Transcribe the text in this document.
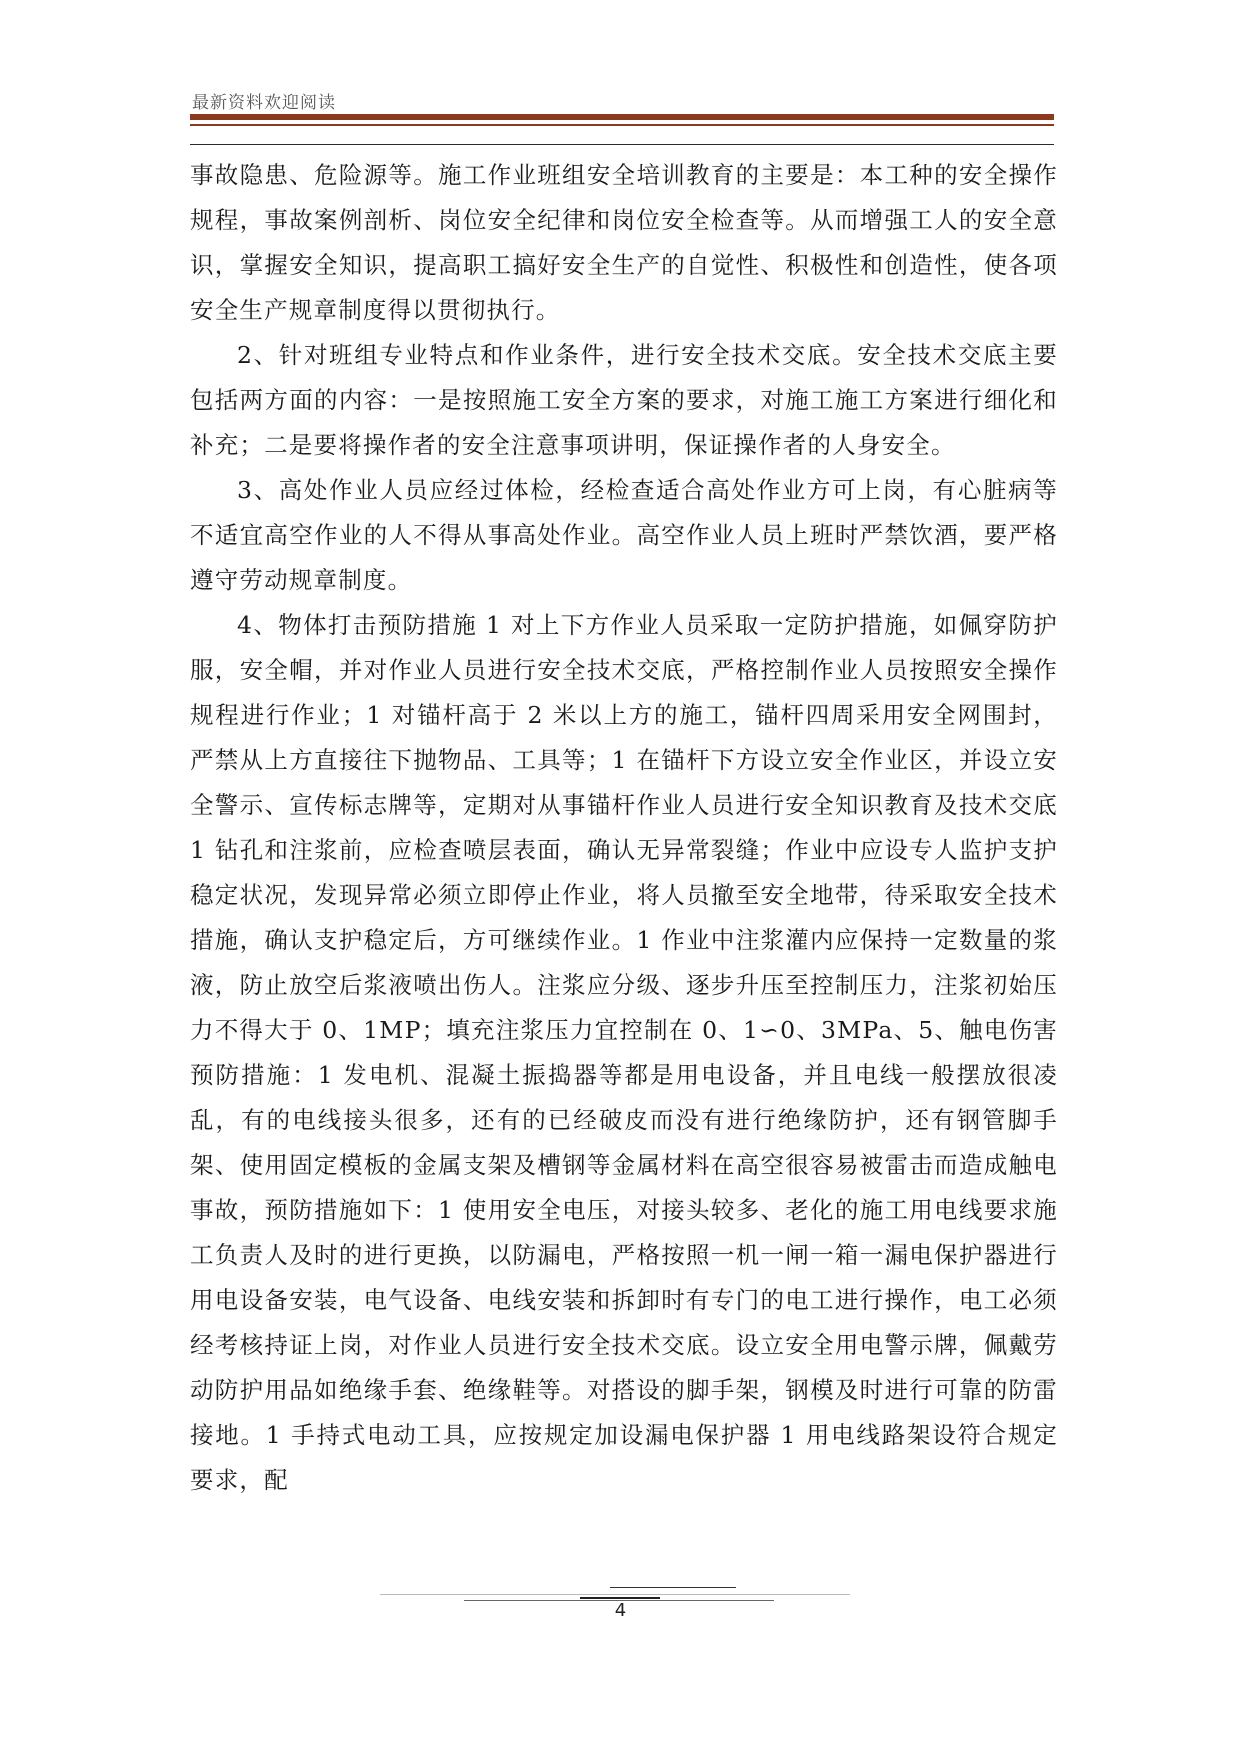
最新资料欢迎阅读

事故隐患、危险源等。施工作业班组安全培训教育的主要是：本工种的安全操作规程，事故案例剖析、岗位安全纪律和岗位安全检查等。从而增强工人的安全意识，掌握安全知识，提高职工搞好安全生产的自觉性、积极性和创造性，使各项安全生产规章制度得以贯彻执行。

2、针对班组专业特点和作业条件，进行安全技术交底。安全技术交底主要包括两方面的内容：一是按照施工安全方案的要求，对施工施工方案进行细化和补充；二是要将操作者的安全注意事项讲明，保证操作者的人身安全。

3、高处作业人员应经过体检，经检查适合高处作业方可上岗，有心脏病等不适宜高空作业的人不得从事高处作业。高空作业人员上班时严禁饮酒，要严格遵守劳动规章制度。

4、物体打击预防措施 1 对上下方作业人员采取一定防护措施，如佩穿防护服，安全帽，并对作业人员进行安全技术交底，严格控制作业人员按照安全操作规程进行作业；1 对锚杆高于 2 米以上方的施工，锚杆四周采用安全网围封，严禁从上方直接往下抛物品、工具等；1 在锚杆下方设立安全作业区，并设立安全警示、宣传标志牌等，定期对从事锚杆作业人员进行安全知识教育及技术交底 1 钻孔和注浆前，应检查喷层表面，确认无异常裂缝；作业中应设专人监护支护稳定状况，发现异常必须立即停止作业，将人员撤至安全地带，待采取安全技术措施，确认支护稳定后，方可继续作业。1 作业中注浆灌内应保持一定数量的浆液，防止放空后浆液喷出伤人。注浆应分级、逐步升压至控制压力，注浆初始压力不得大于 0、1MP；填充注浆压力宜控制在 0、1∽0、3MPa、5、触电伤害预防措施：1 发电机、混凝土振捣器等都是用电设备，并且电线一般摆放很凌乱，有的电线接头很多，还有的已经破皮而没有进行绝缘防护，还有钢管脚手架、使用固定模板的金属支架及槽钢等金属材料在高空很容易被雷击而造成触电事故，预防措施如下：1 使用安全电压，对接头较多、老化的施工用电线要求施工负责人及时的进行更换，以防漏电，严格按照一机一闸一箱一漏电保护器进行用电设备安装，电气设备、电线安装和拆卸时有专门的电工进行操作，电工必须经考核持证上岗，对作业人员进行安全技术交底。设立安全用电警示牌，佩戴劳动防护用品如绝缘手套、绝缘鞋等。对搭设的脚手架，钢模及时进行可靠的防雷接地。1 手持式电动工具，应按规定加设漏电保护器 1 用电线路架设符合规定要求，配

4
